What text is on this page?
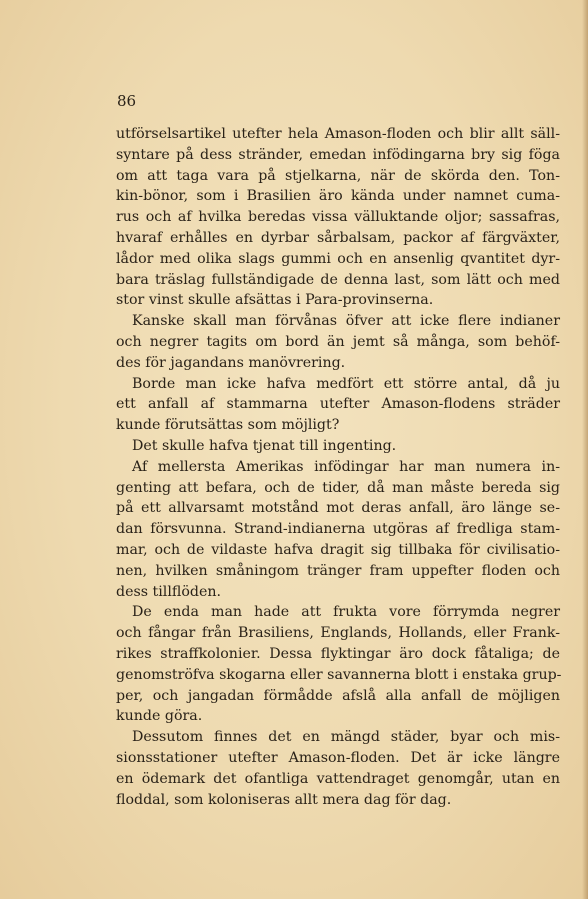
86
utförselsartikel utefter hela Amason-floden och blir allt säll-
syntare på dess stränder, emedan infödingarna bry sig föga
om att taga vara på stjelkarna, när de skörda den. Ton-
kin-bönor, som i Brasilien äro kända under namnet cuma-
rus och af hvilka beredas vissa välluktande oljor; sassafras,
hvaraf erhålles en dyrbar sårbalsam, packor af färgväxter,
lådor med olika slags gummi och en ansenlig qvantitet dyr-
bara träslag fullständigade de denna last, som lätt och med
stor vinst skulle afsättas i Para-provinserna.
Kanske skall man förvånas öfver att icke flere indianer
och negrer tagits om bord än jemt så många, som behöf-
des för jagandans manövrering.
Borde man icke hafva medfört ett större antal, då ju
ett anfall af stammarna utefter Amason-flodens sträder
kunde förutsättas som möjligt?
Det skulle hafva tjenat till ingenting.
Af mellersta Amerikas infödingar har man numera in-
genting att befara, och de tider, då man måste bereda sig
på ett allvarsamt motstånd mot deras anfall, äro länge se-
dan försvunna. Strand-indianerna utgöras af fredliga stam-
mar, och de vildaste hafva dragit sig tillbaka för civilisatio-
nen, hvilken småningom tränger fram uppefter floden och
dess tillflöden.
De enda man hade att frukta vore förrymda negrer
och fångar från Brasiliens, Englands, Hollands, eller Frank-
rikes straffkolonier. Dessa flyktingar äro dock fåtaliga; de
genomströfva skogarna eller savannerna blott i enstaka grup-
per, och jangadan förmådde afslå alla anfall de möjligen
kunde göra.
Dessutom finnes det en mängd städer, byar och mis-
sionsstationer utefter Amason-floden. Det är icke längre
en ödemark det ofantliga vattendraget genomgår, utan en
floddal, som koloniseras allt mera dag för dag.
